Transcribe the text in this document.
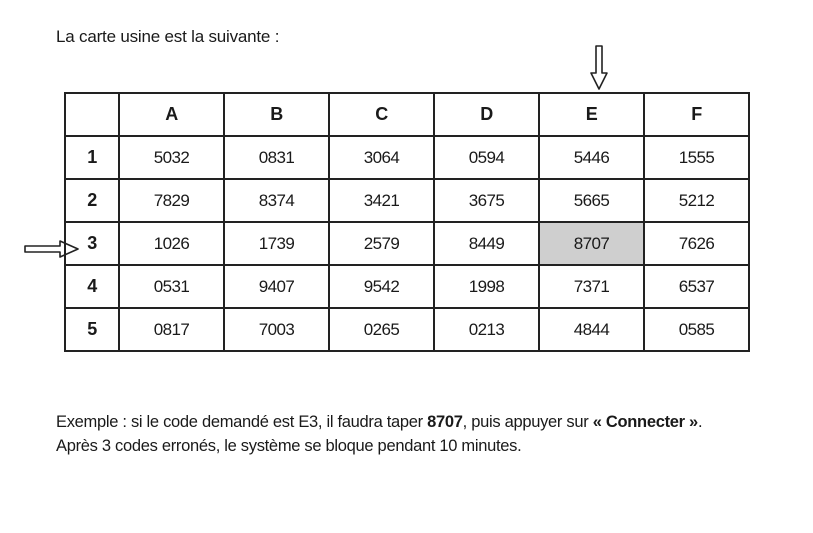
La carte usine est la suivante :
	A	B	C	D	E	F
1	5032	0831	3064	0594	5446	1555
2	7829	8374	3421	3675	5665	5212
3	1026	1739	2579	8449	8707	7626
4	0531	9407	9542	1998	7371	6537
5	0817	7003	0265	0213	4844	0585
Exemple : si le code demandé est E3, il faudra taper 8707, puis appuyer sur « Connecter ».
Après 3 codes erronés, le système se bloque pendant 10 minutes.
